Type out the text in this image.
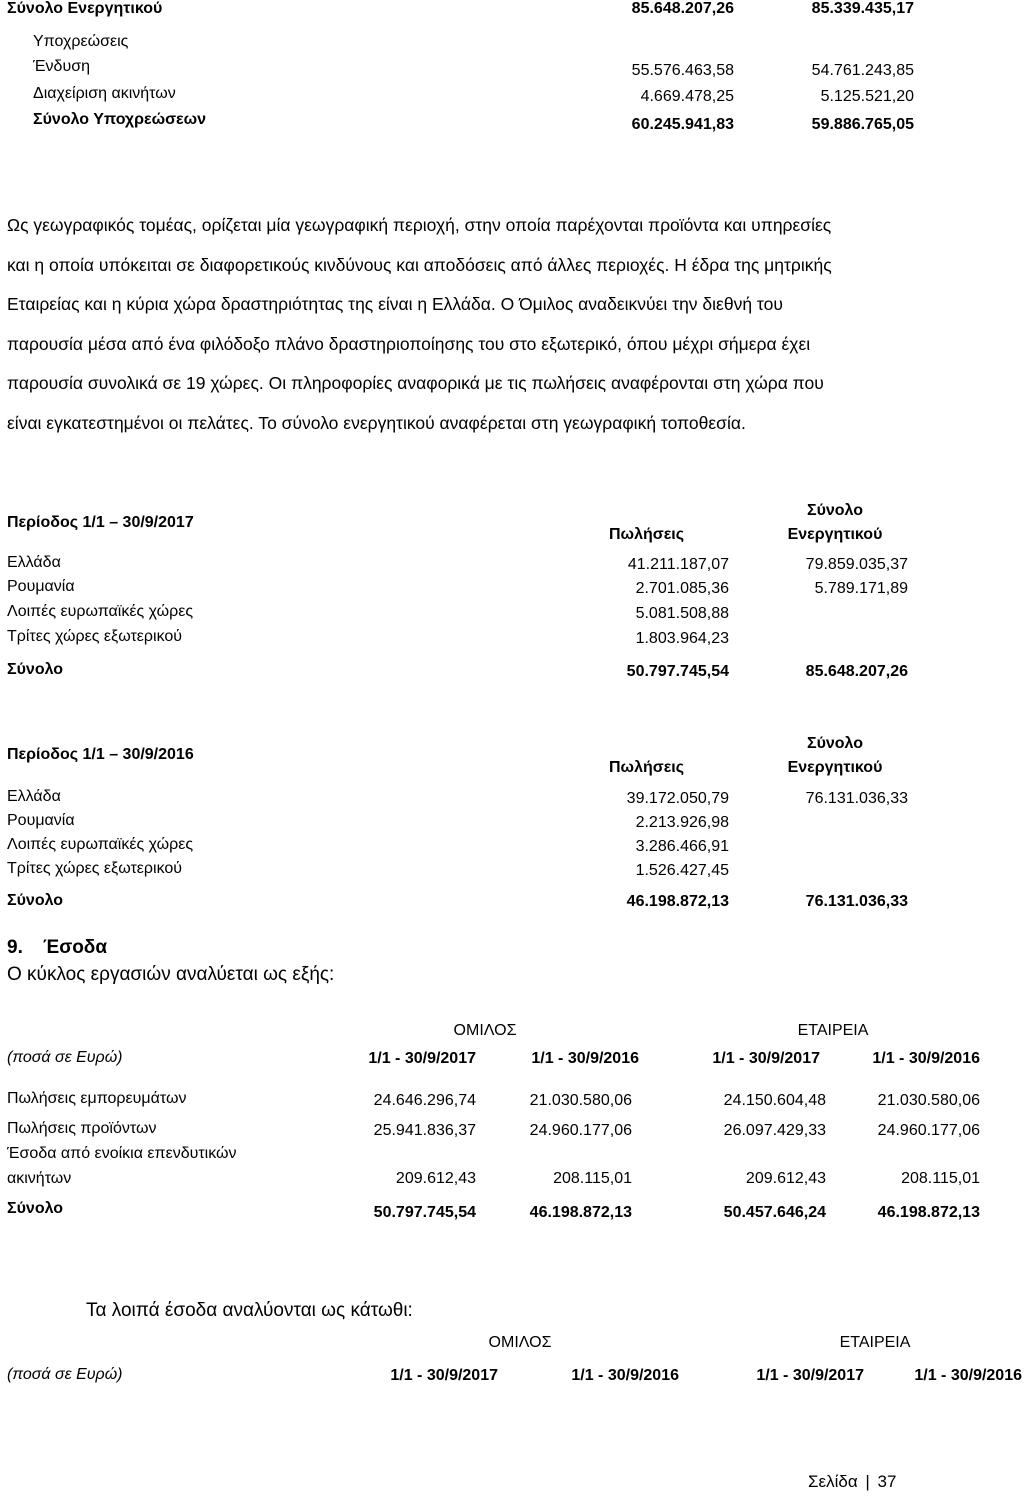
Σύνολο Ενεργητικού	85.648.207,26	85.339.435,17
Υποχρεώσεις
Ένδυση	55.576.463,58	54.761.243,85
Διαχείριση ακινήτων	4.669.478,25	5.125.521,20
Σύνολο Υποχρεώσεων	60.245.941,83	59.886.765,05
Ως γεωγραφικός τομέας, ορίζεται μία γεωγραφική περιοχή, στην οποία παρέχονται προϊόντα και υπηρεσίες
και η οποία υπόκειται σε διαφορετικούς κινδύνους και αποδόσεις από άλλες περιοχές. Η έδρα της μητρικής
Εταιρείας και η κύρια χώρα δραστηριότητας της είναι η Ελλάδα. Ο Όμιλος αναδεικνύει την διεθνή του
παρουσία μέσα από ένα φιλόδοξο πλάνο δραστηριοποίησης του στο εξωτερικό, όπου μέχρι σήμερα έχει
παρουσία συνολικά σε 19 χώρες. Οι πληροφορίες αναφορικά με τις πωλήσεις αναφέρονται στη χώρα που
είναι εγκατεστημένοι οι πελάτες. Το σύνολο ενεργητικού αναφέρεται στη γεωγραφική τοποθεσία.
Περίοδος 1/1 – 30/9/2017
Πωλήσεις
Σύνολο
Ενεργητικού
Ελλάδα	41.211.187,07	79.859.035,37
Ρουμανία	2.701.085,36	5.789.171,89
Λοιπές ευρωπαϊκές χώρες	5.081.508,88
Τρίτες χώρες εξωτερικού	1.803.964,23
Σύνολο	50.797.745,54	85.648.207,26
Περίοδος 1/1 – 30/9/2016
Πωλήσεις
Σύνολο
Ενεργητικού
Ελλάδα	39.172.050,79	76.131.036,33
Ρουμανία	2.213.926,98
Λοιπές ευρωπαϊκές χώρες	3.286.466,91
Τρίτες χώρες εξωτερικού	1.526.427,45
Σύνολο	46.198.872,13	76.131.036,33
9. Έσοδα
Ο κύκλος εργασιών αναλύεται ως εξής:
ΟΜΙΛΟΣ	ΕΤΑΙΡΕΙΑ
(ποσά σε Ευρώ)	1/1 - 30/9/2017	1/1 - 30/9/2016	1/1 - 30/9/2017	1/1 - 30/9/2016
Πωλήσεις εμπορευμάτων	24.646.296,74	21.030.580,06	24.150.604,48	21.030.580,06
Πωλήσεις προϊόντων	25.941.836,37	24.960.177,06	26.097.429,33	24.960.177,06
Έσοδα από ενοίκια επενδυτικών
ακινήτων	209.612,43	208.115,01	209.612,43	208.115,01
Σύνολο	50.797.745,54	46.198.872,13	50.457.646,24	46.198.872,13
Τα λοιπά έσοδα αναλύονται ως κάτωθι:
ΟΜΙΛΟΣ	ΕΤΑΙΡΕΙΑ
(ποσά σε Ευρώ)	1/1 - 30/9/2017	1/1 - 30/9/2016	1/1 - 30/9/2017	1/1 - 30/9/2016
Σελίδα | 37
